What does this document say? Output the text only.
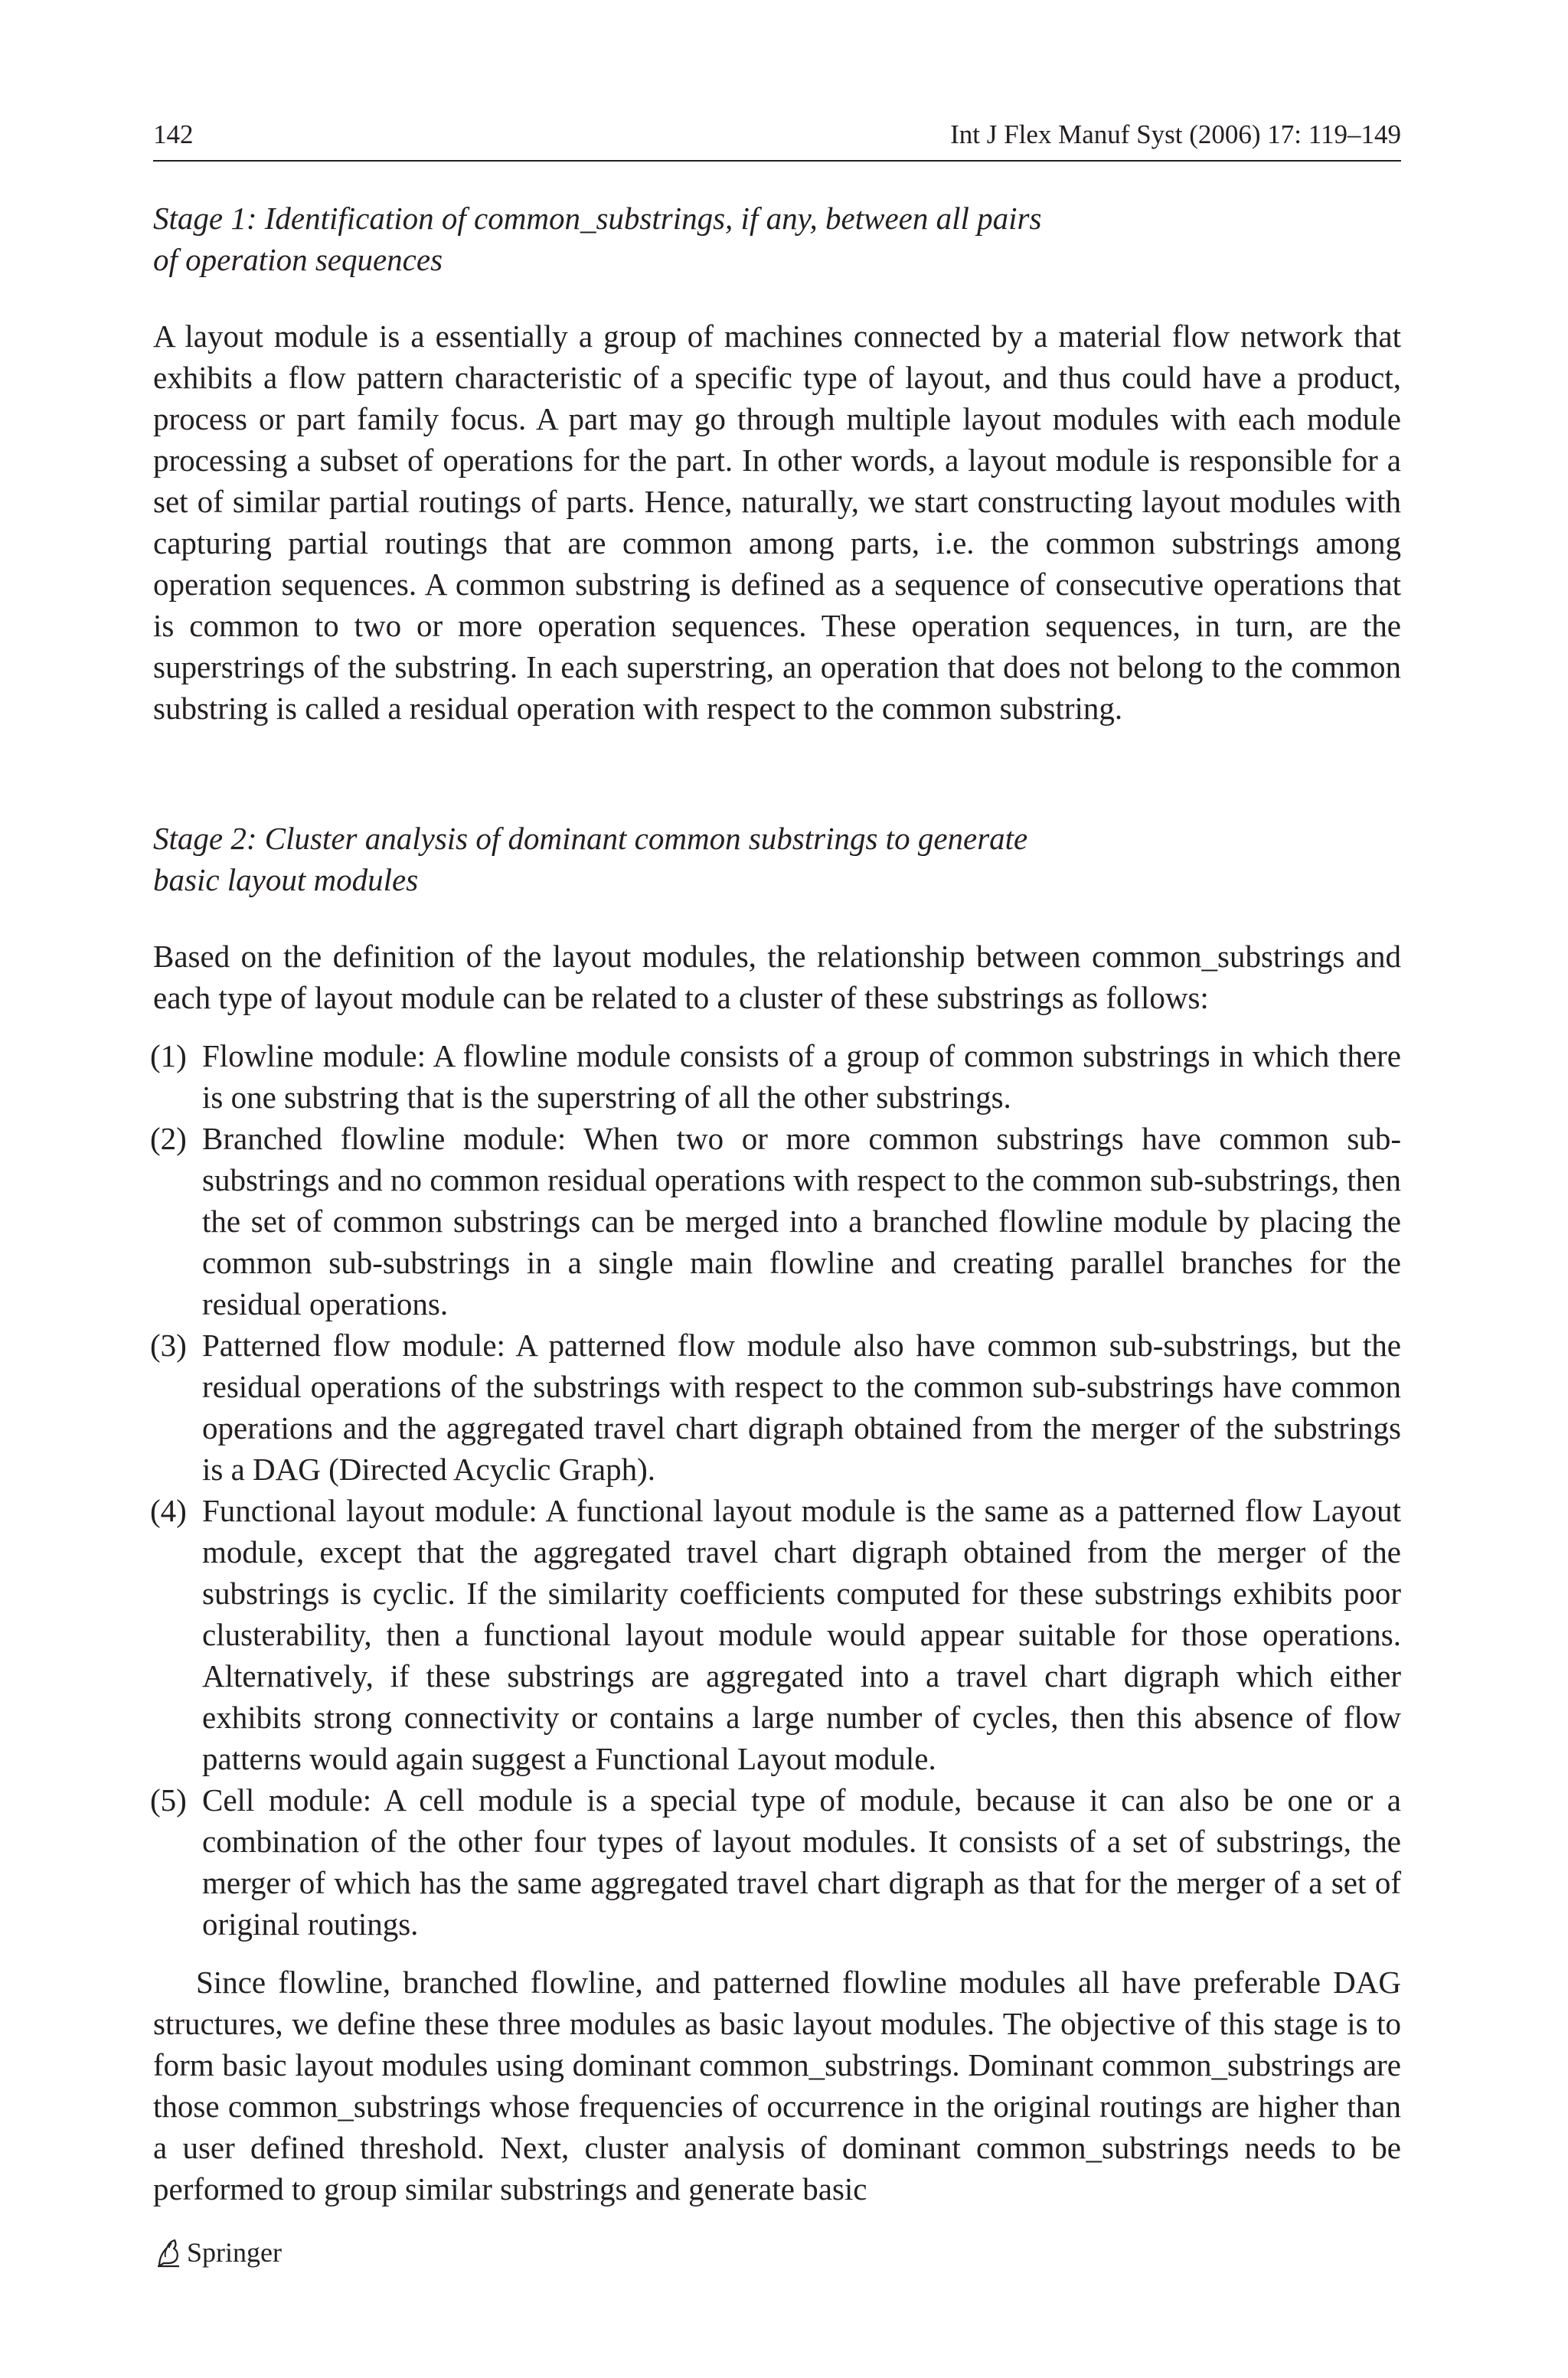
142	Int J Flex Manuf Syst (2006) 17: 119–149

Stage 1: Identification of common_substrings, if any, between all pairs
of operation sequences

A layout module is a essentially a group of machines connected by a material flow network that exhibits a flow pattern characteristic of a specific type of layout, and thus could have a product, process or part family focus. A part may go through multiple layout modules with each module processing a subset of operations for the part. In other words, a layout module is responsible for a set of similar partial routings of parts. Hence, naturally, we start constructing layout modules with capturing partial routings that are common among parts, i.e. the common substrings among operation sequences. A common substring is defined as a sequence of consecutive operations that is common to two or more operation sequences. These operation sequences, in turn, are the superstrings of the substring. In each superstring, an operation that does not belong to the common substring is called a residual operation with respect to the common substring.

Stage 2: Cluster analysis of dominant common substrings to generate
basic layout modules

Based on the definition of the layout modules, the relationship between common_substrings and each type of layout module can be related to a cluster of these substrings as follows:

(1) Flowline module: A flowline module consists of a group of common substrings in which there is one substring that is the superstring of all the other substrings.
(2) Branched flowline module: When two or more common substrings have common sub-substrings and no common residual operations with respect to the common sub-substrings, then the set of common substrings can be merged into a branched flowline module by placing the common sub-substrings in a single main flowline and creating parallel branches for the residual operations.
(3) Patterned flow module: A patterned flow module also have common sub-substrings, but the residual operations of the substrings with respect to the common sub-substrings have common operations and the aggregated travel chart digraph obtained from the merger of the substrings is a DAG (Directed Acyclic Graph).
(4) Functional layout module: A functional layout module is the same as a patterned flow Layout module, except that the aggregated travel chart digraph obtained from the merger of the substrings is cyclic. If the similarity coefficients computed for these substrings exhibits poor clusterability, then a functional layout module would appear suitable for those operations. Alternatively, if these substrings are aggregated into a travel chart digraph which either exhibits strong connectivity or contains a large number of cycles, then this absence of flow patterns would again suggest a Functional Layout module.
(5) Cell module: A cell module is a special type of module, because it can also be one or a combination of the other four types of layout modules. It consists of a set of substrings, the merger of which has the same aggregated travel chart digraph as that for the merger of a set of original routings.

Since flowline, branched flowline, and patterned flowline modules all have preferable DAG structures, we define these three modules as basic layout modules. The objective of this stage is to form basic layout modules using dominant common_substrings. Dominant common_substrings are those common_substrings whose frequencies of occurrence in the original routings are higher than a user defined threshold. Next, cluster analysis of dominant common_substrings needs to be performed to group similar substrings and generate basic

Springer
